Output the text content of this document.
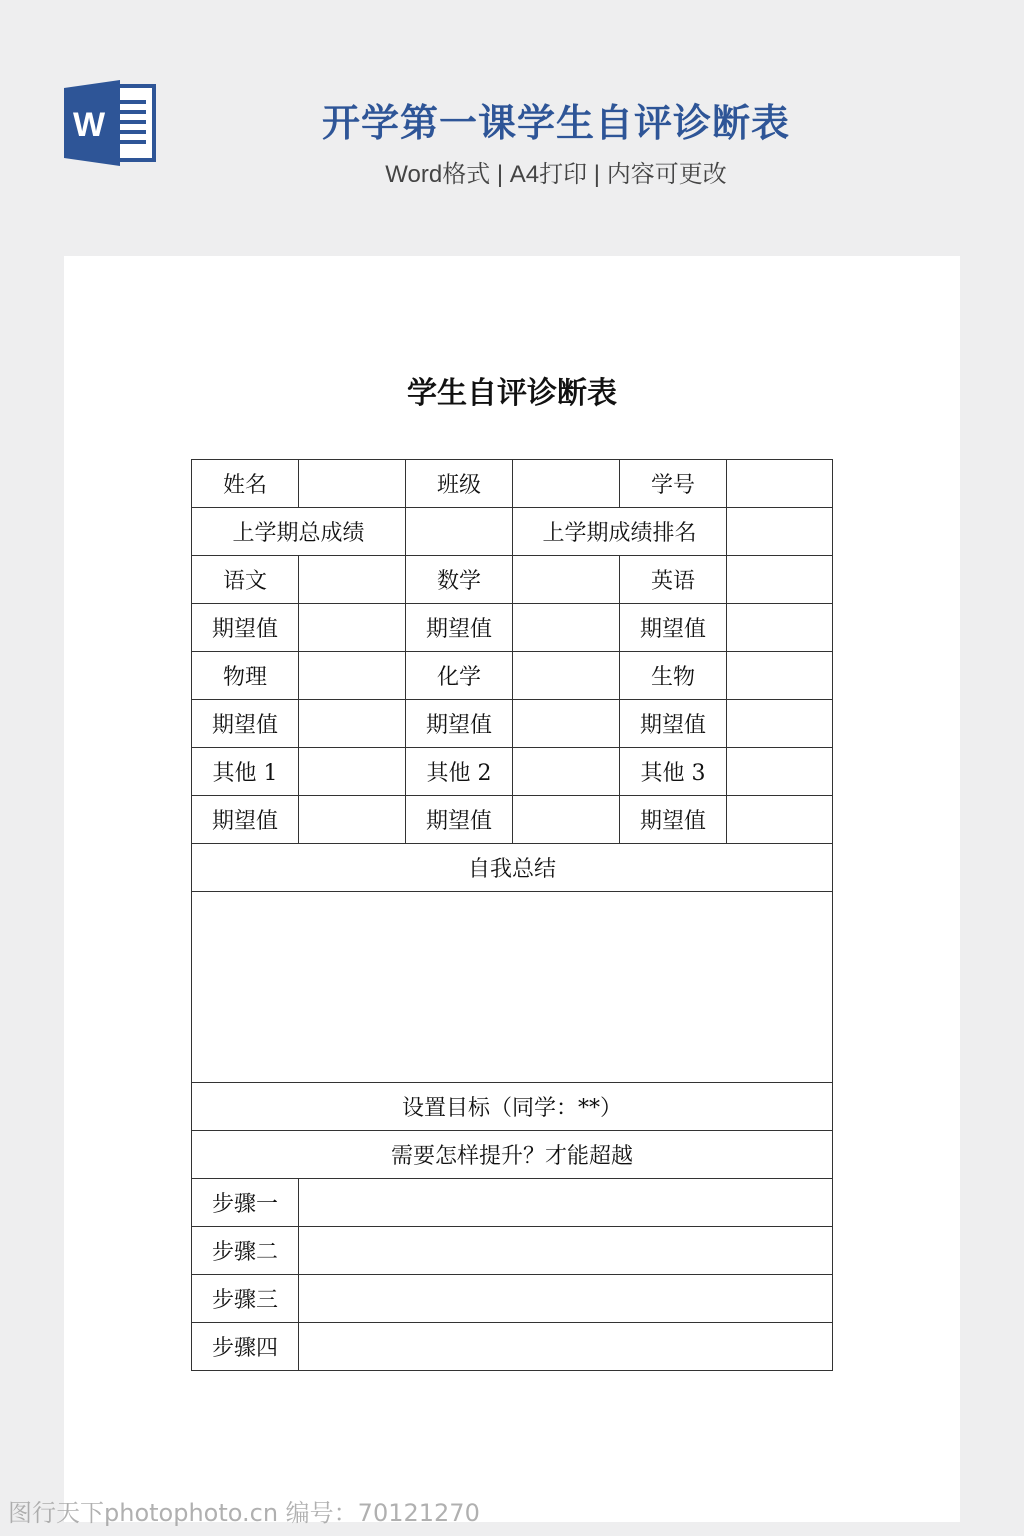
W	开学第一课学生自评诊断表
Word格式 | A4打印 | 内容可更改
学生自评诊断表
姓名		班级		学号	
上学期总成绩			上学期成绩排名		
语文		数学		英语	
期望值		期望值		期望值	
物理		化学		生物	
期望值		期望值		期望值	
其他 1		其他 2		其他 3	
期望值		期望值		期望值	
自我总结					

设置目标（同学：**）					
需要怎样提升？才能超越					
步骤一					
步骤二					
步骤三					
步骤四					
图行天下photophoto.cn 编号：70121270
